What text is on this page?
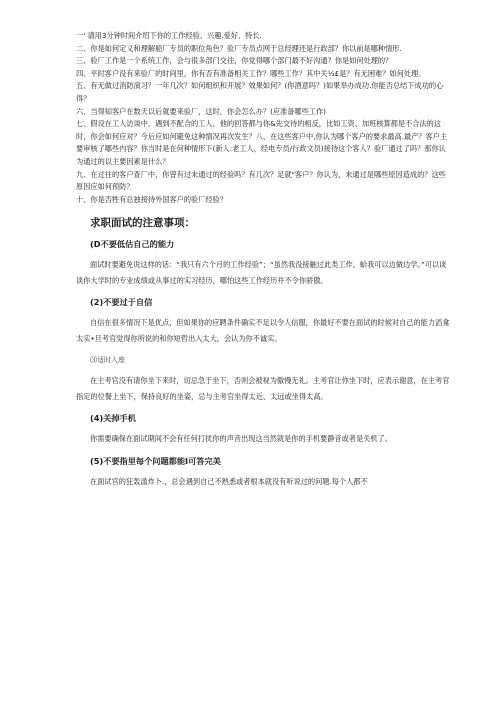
一' 请用3分钟时间介绍下你的工作经验、兴趣.爱好、特长.

二、你是如何定义和理解船厂专员的职位角色？验厂专员点网于总经理还是行政部？你以前是哪种情形.

三、验厂工作是一个系统工作，会与很多部门交往，你觉得哪个部门最不好沟通？你是如何处理的？

四、平时客户没有来验厂的时间里，你有否有准备相关工作？哪些工作？其中关½£是？有无困难？如何处理。

五、有无做过消防演习？一年几次？如何组织和开展？效果如何？(你酒意吗？)如果举办成功.你能否总结下成功的心得？

六、当得知客户在数天以后就要来验厂，这时，你会怎么办？(应准备哪些工作)

七、假设在工人访谈中，遇到不配合的工人，他的回答都与你&先交待的相反，比如工资、加班核算都是不合法的这时，你会如何应对？今后应如何避免这种情况再次发生？八、在这些客户中,你认为哪个客户的要求最高.最产？客户主要审核了哪些内容？你当时是在何种情形下(新人:老工人，经电专员/行政文员)接待这个客人？验厂通过了吗？那你认为通过的以主要因素是什么？

九、在过往的客户查厂中，你曾有过未通过的经验吗？有几次？足就"客户？你认为，未通过是哪些原因造成的？这些原因应如何预防？

十、你是否牲有总独接待外国客户的验厂经验？

求职面试的注意事项：

(D不要低估自己的能力

面试时要避免说这样的话：“我只有六个月的工作经验”；“虽然我没接触过此类工作，蛤我可以边做边学。”可以谈谈你大学时的专业成绩或从事过的实习经历，哪怕这些工作经历并不令你骄傲。

(2)不要过于自信

自信在很多情况下是优点，但如果你的应聘条件确实不足以令人信服，你最好不要在面试的时候对自己的能力滔龛太实•旦考官觉得你所说的和你短哲出入太大，会认为你不诚实。

⑶适时入座

在主考官没有请你坐下来时，切忌急于坐下，否则会被视为傲慢无礼。主考官让你坐下时，应表示谢意，在主考官指定的位餐上坐下，保持良好的坐姿，忌与主考官坐得太近、太远或坐得太高。

(4)关掉手机

你需要确保在面试期间不会有任何打扰你的声音出现这当然就是你的手机要静音或者是关机了。

(5)不要指里每个问题都能I可答完美

在面试官的狂轰滥炸卜.，总会遇到自己不熟悉或者根本就没有听说过的问题.每个人都不
